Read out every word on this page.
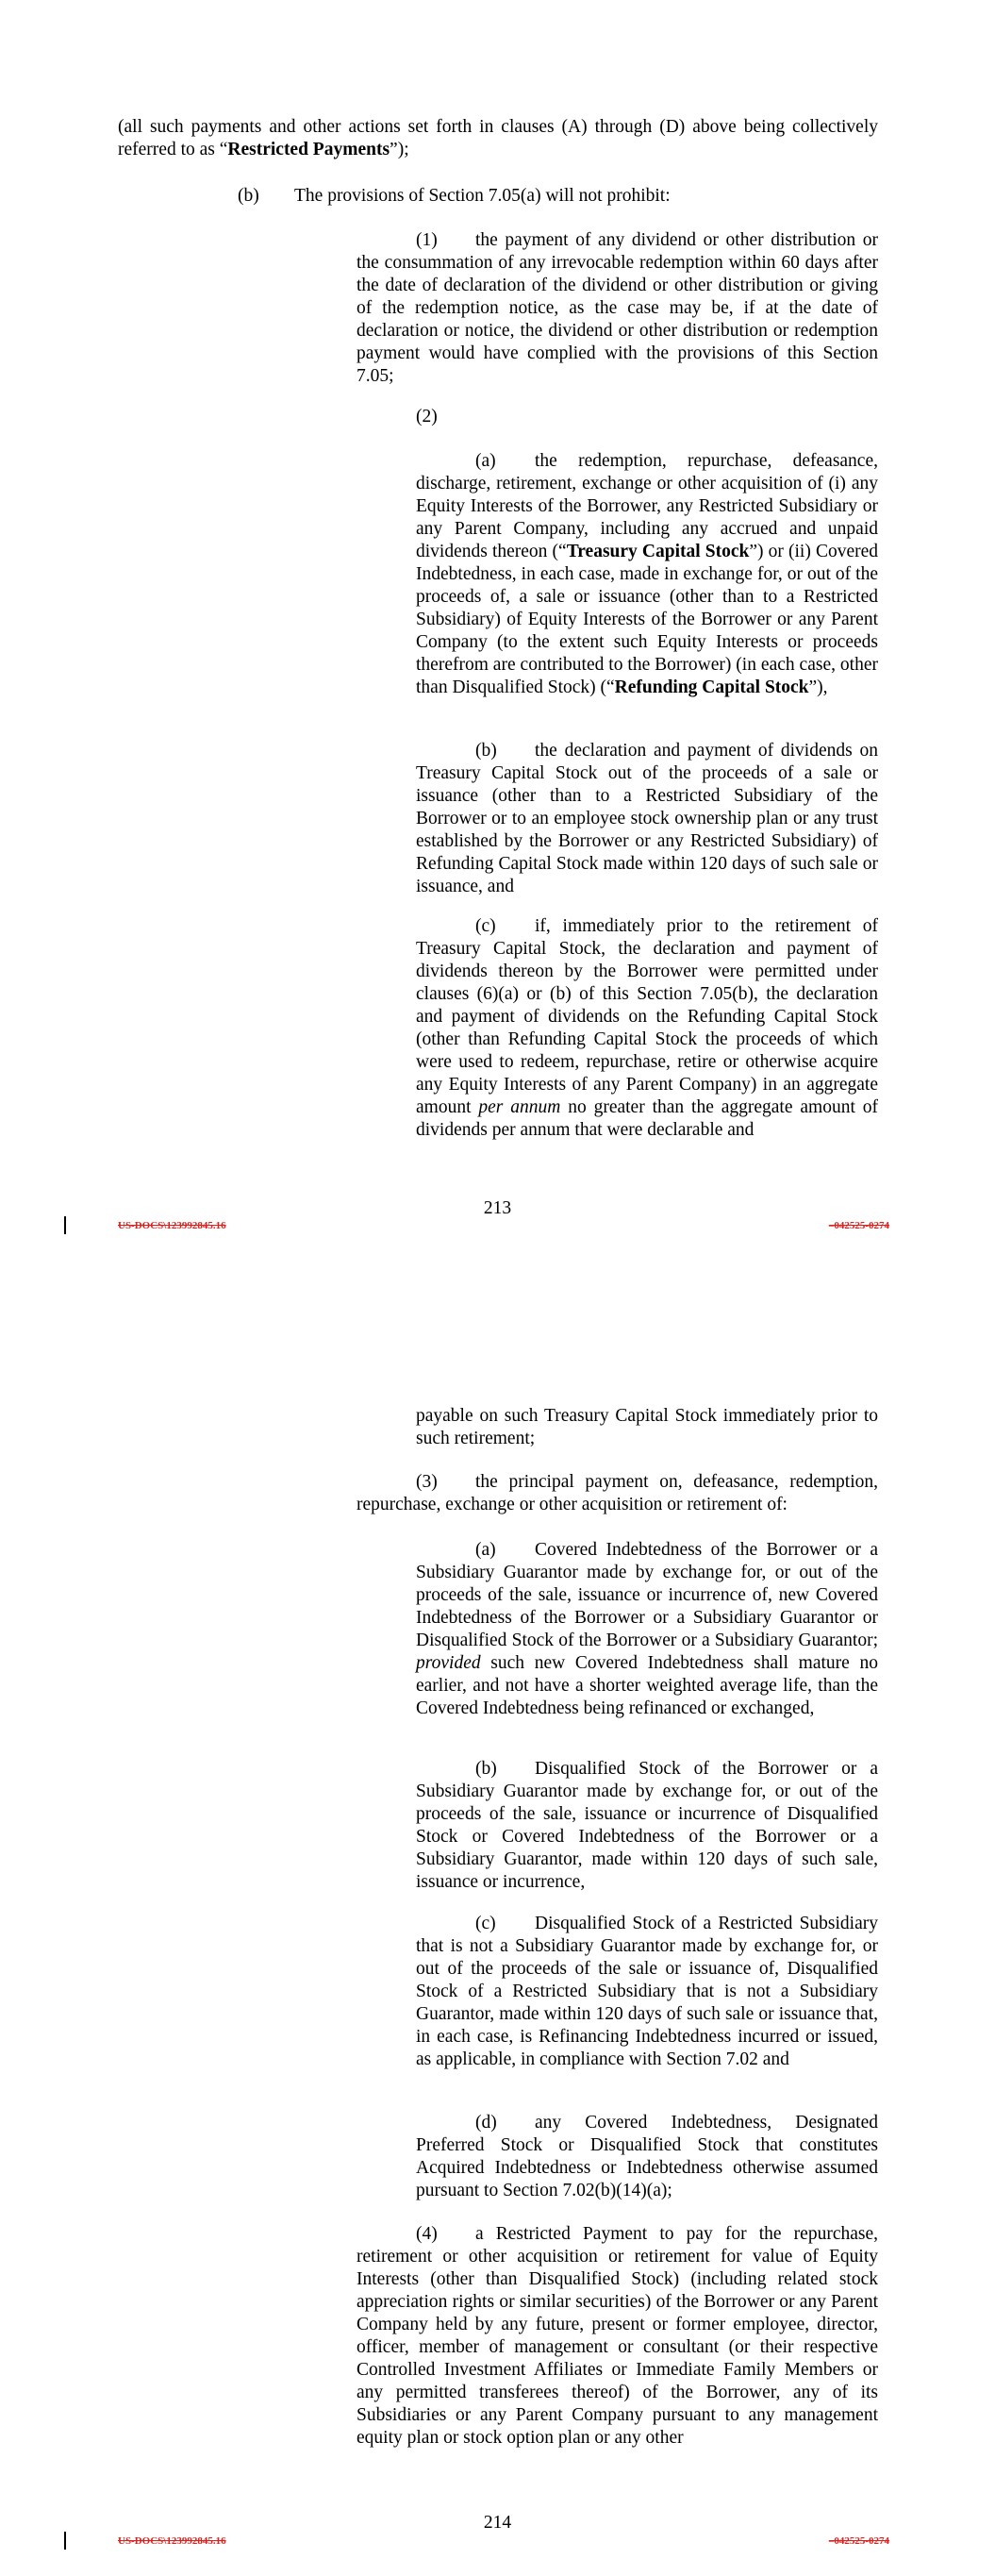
(all such payments and other actions set forth in clauses (A) through (D) above being collectively referred to as “Restricted Payments”);

(b) The provisions of Section 7.05(a) will not prohibit:

(1) the payment of any dividend or other distribution or the consummation of any irrevocable redemption within 60 days after the date of declaration of the dividend or other distribution or giving of the redemption notice, as the case may be, if at the date of declaration or notice, the dividend or other distribution or redemption payment would have complied with the provisions of this Section 7.05;

(2)

(a) the redemption, repurchase, defeasance, discharge, retirement, exchange or other acquisition of (i) any Equity Interests of the Borrower, any Restricted Subsidiary or any Parent Company, including any accrued and unpaid dividends thereon (“Treasury Capital Stock”) or (ii) Covered Indebtedness, in each case, made in exchange for, or out of the proceeds of, a sale or issuance (other than to a Restricted Subsidiary) of Equity Interests of the Borrower or any Parent Company (to the extent such Equity Interests or proceeds therefrom are contributed to the Borrower) (in each case, other than Disqualified Stock) (“Refunding Capital Stock”),

(b) the declaration and payment of dividends on Treasury Capital Stock out of the proceeds of a sale or issuance (other than to a Restricted Subsidiary of the Borrower or to an employee stock ownership plan or any trust established by the Borrower or any Restricted Subsidiary) of Refunding Capital Stock made within 120 days of such sale or issuance, and

(c) if, immediately prior to the retirement of Treasury Capital Stock, the declaration and payment of dividends thereon by the Borrower were permitted under clauses (6)(a) or (b) of this Section 7.05(b), the declaration and payment of dividends on the Refunding Capital Stock (other than Refunding Capital Stock the proceeds of which were used to redeem, repurchase, retire or otherwise acquire any Equity Interests of any Parent Company) in an aggregate amount per annum no greater than the aggregate amount of dividends per annum that were declarable and

213
US-DOCS\123992845.16	–042525-0274

payable on such Treasury Capital Stock immediately prior to such retirement;

(3) the principal payment on, defeasance, redemption, repurchase, exchange or other acquisition or retirement of:

(a) Covered Indebtedness of the Borrower or a Subsidiary Guarantor made by exchange for, or out of the proceeds of the sale, issuance or incurrence of, new Covered Indebtedness of the Borrower or a Subsidiary Guarantor or Disqualified Stock of the Borrower or a Subsidiary Guarantor; provided such new Covered Indebtedness shall mature no earlier, and not have a shorter weighted average life, than the Covered Indebtedness being refinanced or exchanged,

(b) Disqualified Stock of the Borrower or a Subsidiary Guarantor made by exchange for, or out of the proceeds of the sale, issuance or incurrence of Disqualified Stock or Covered Indebtedness of the Borrower or a Subsidiary Guarantor, made within 120 days of such sale, issuance or incurrence,

(c) Disqualified Stock of a Restricted Subsidiary that is not a Subsidiary Guarantor made by exchange for, or out of the proceeds of the sale or issuance of, Disqualified Stock of a Restricted Subsidiary that is not a Subsidiary Guarantor, made within 120 days of such sale or issuance that, in each case, is Refinancing Indebtedness incurred or issued, as applicable, in compliance with Section 7.02 and

(d) any Covered Indebtedness, Designated Preferred Stock or Disqualified Stock that constitutes Acquired Indebtedness or Indebtedness otherwise assumed pursuant to Section 7.02(b)(14)(a);

(4) a Restricted Payment to pay for the repurchase, retirement or other acquisition or retirement for value of Equity Interests (other than Disqualified Stock) (including related stock appreciation rights or similar securities) of the Borrower or any Parent Company held by any future, present or former employee, director, officer, member of management or consultant (or their respective Controlled Investment Affiliates or Immediate Family Members or any permitted transferees thereof) of the Borrower, any of its Subsidiaries or any Parent Company pursuant to any management equity plan or stock option plan or any other

214
US-DOCS\123992845.16	–042525-0274
